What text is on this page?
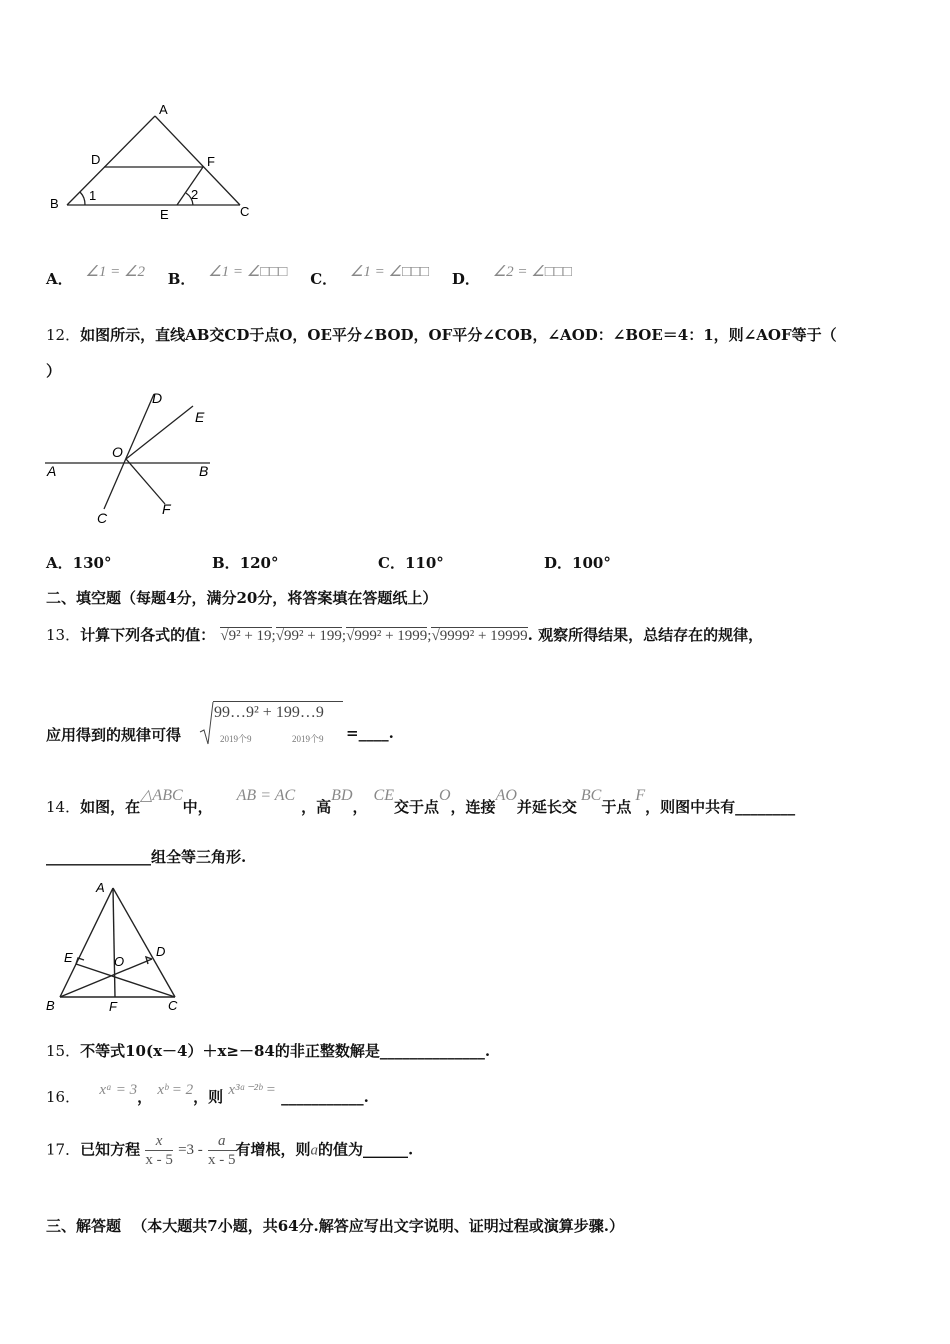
A
B
C
D
E
F
1	2
A． ∠1 = ∠2 B． ∠1 = ∠□□□ C． ∠1 = ∠□□□ D． ∠2 = ∠□□□
12．如图所示，直线AB交CD于点O，OE平分∠BOD，OF平分∠COB，∠AOD：∠BOE＝4：1，则∠AOF等于（
）
A	B
C
D
E
F
O
A．130°	B．120°	C．110°	D．100°
二、填空题（每题4分，满分20分，将答案填在答题纸上）
13．计算下列各式的值： √9² + 19;√99² + 199;√999² + 1999;√9999² + 19999. 观察所得结果，总结存在的规律，
应用得到的规律可得
99…9² + 199…9
2019个9	2019个9 =____.
14．如图，在△ABC中，AB = AC，高BD，CE交于点O，连接AO并延长交BC于点F，则图中共有________
______________组全等三角形.
A
B	C
D
E
F
O
15．不等式10(x－4）＋x≥－84的非正整数解是______________.
16． xᵃ = 3， xᵇ = 2，则 x³ᵃ⁻²ᵇ = ___________.
17．已知方程 $\frac{x}{x - 5} =3 - \frac{a}{x - 5}$ 有增根，则a的值为______.
三、解答题 （本大题共7小题，共64分.解答应写出文字说明、证明过程或演算步骤.）
